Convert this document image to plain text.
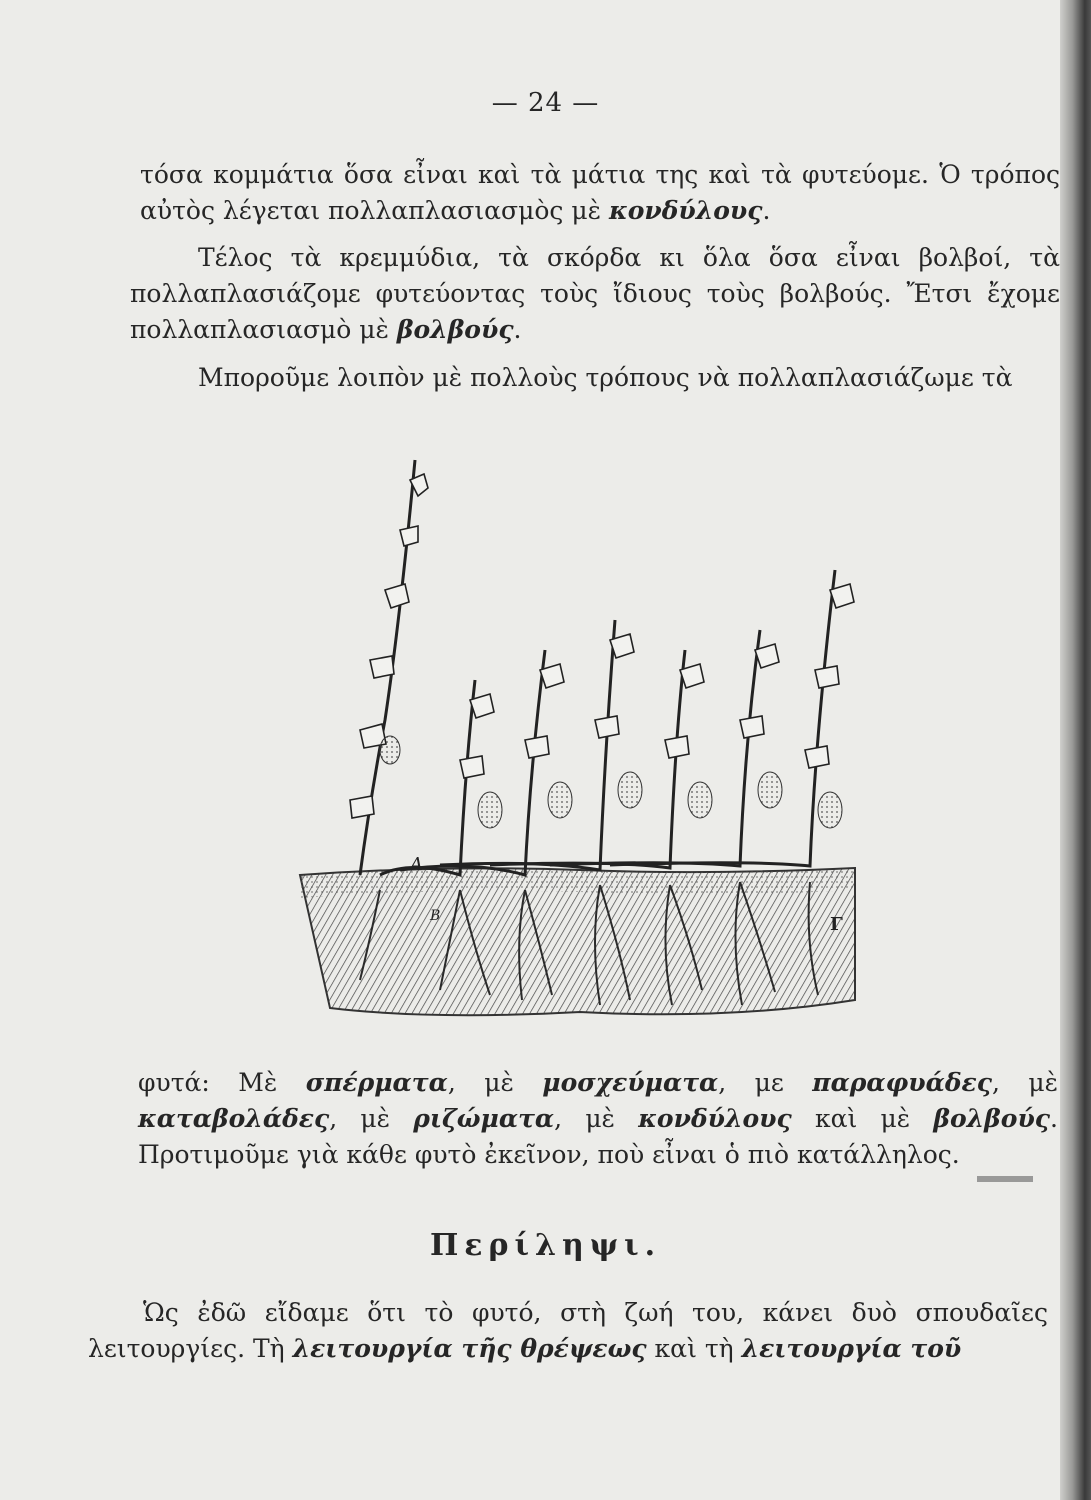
— 24 —

τόσα κομμάτια ὅσα εἶναι καὶ τὰ μάτια της καὶ τὰ φυτεύομε. Ὁ τρόπος αὐτὸς λέγεται πολλαπλασιασμὸς μὲ κονδύλους.

Τέλος τὰ κρεμμύδια, τὰ σκόρδα κι ὅλα ὅσα εἶναι βολβοί, τὰ πολλαπλασιάζομε φυτεύοντας τοὺς ἴδιους τοὺς βολβούς. Ἔτσι ἔχομε πολλαπλασιασμὸ μὲ βολβούς.

Μποροῦμε λοιπὸν μὲ πολλοὺς τρόπους νὰ πολλαπλασιάζωμε τὰ

A
B	Γ

φυτά: Μὲ σπέρματα, μὲ μοσχεύματα, με παραφυάδες, μὲ καταβολάδες, μὲ ριζώματα, μὲ κονδύλους καὶ μὲ βολβούς. Προτιμοῦμε γιὰ κάθε φυτὸ ἐκεῖνον, ποὺ εἶναι ὁ πιὸ κατάλληλος.

Περίληψι.

Ὡς ἐδῶ εἴδαμε ὅτι τὸ φυτό, στὴ ζωή του, κάνει δυὸ σπουδαῖες λειτουργίες. Τὴ λειτουργία τῆς θρέψεως καὶ τὴ λειτουργία τοῦ
